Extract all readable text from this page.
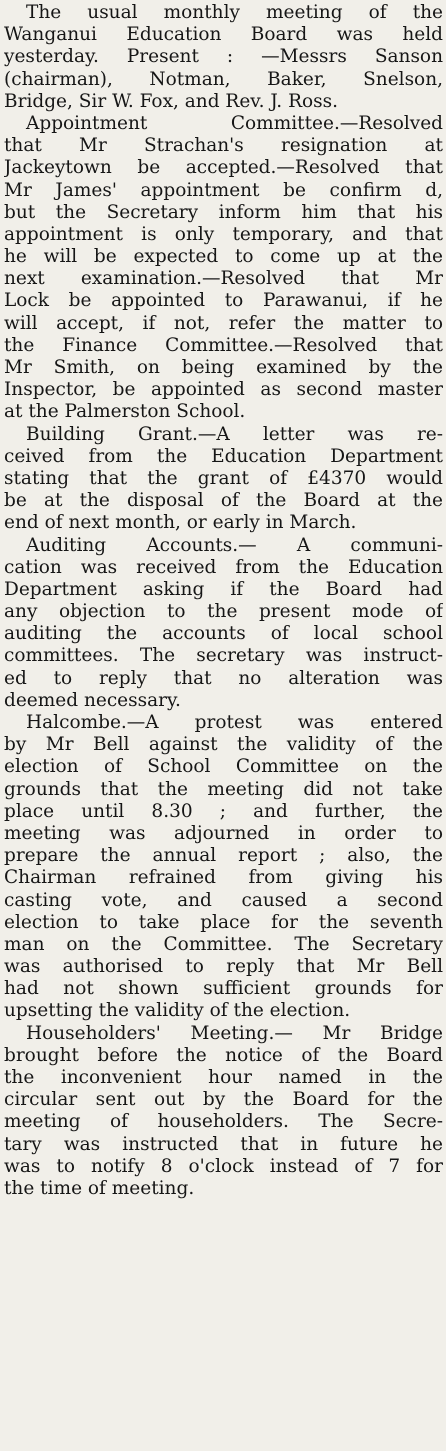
The usual monthly meeting of the
Wanganui Education Board was held
yesterday. Present : —Messrs Sanson
(chairman), Notman, Baker, Snelson,
Bridge, Sir W. Fox, and Rev. J. Ross.
Appointment Committee.—Resolved
that Mr Strachan's resignation at
Jackeytown be accepted.—Resolved that
Mr James' appointment be confirm d,
but the Secretary inform him that his
appointment is only temporary, and that
he will be expected to come up at the
next examination.—Resolved that Mr
Lock be appointed to Parawanui, if he
will accept, if not, refer the matter to
the Finance Committee.—Resolved that
Mr Smith, on being examined by the
Inspector, be appointed as second master
at the Palmerston School.
Building Grant.—A letter was re-
ceived from the Education Department
stating that the grant of £4370 would
be at the disposal of the Board at the
end of next month, or early in March.
Auditing Accounts.— A communi-
cation was received from the Education
Department asking if the Board had
any objection to the present mode of
auditing the accounts of local school
committees. The secretary was instruct-
ed to reply that no alteration was
deemed necessary.
Halcombe.—A protest was entered
by Mr Bell against the validity of the
election of School Committee on the
grounds that the meeting did not take
place until 8.30 ; and further, the
meeting was adjourned in order to
prepare the annual report ; also, the
Chairman refrained from giving his
casting vote, and caused a second
election to take place for the seventh
man on the Committee. The Secretary
was authorised to reply that Mr Bell
had not shown sufficient grounds for
upsetting the validity of the election.
Householders' Meeting.— Mr Bridge
brought before the notice of the Board
the inconvenient hour named in the
circular sent out by the Board for the
meeting of householders. The Secre-
tary was instructed that in future he
was to notify 8 o'clock instead of 7 for
the time of meeting.
